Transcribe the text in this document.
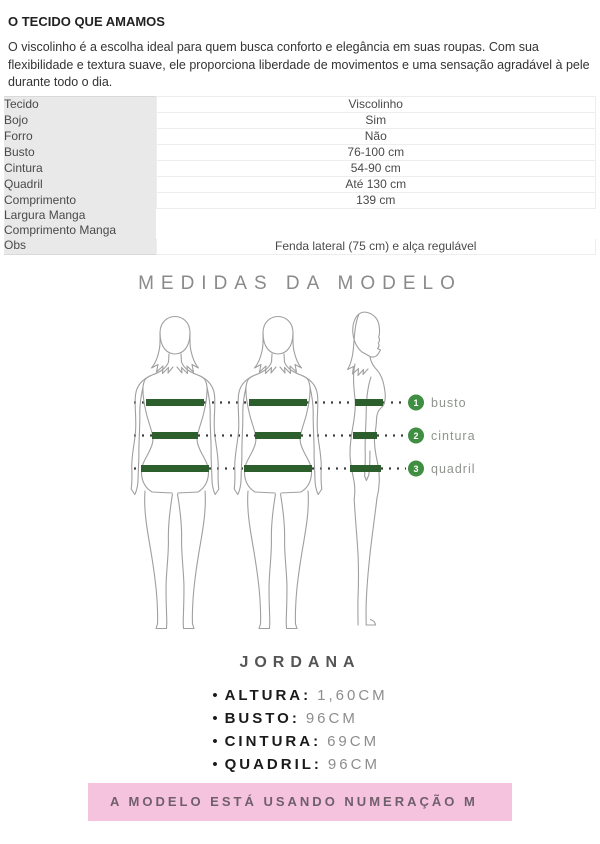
O TECIDO QUE AMAMOS

O viscolinho é a escolha ideal para quem busca conforto e elegância em suas roupas. Com sua flexibilidade e textura suave, ele proporciona liberdade de movimentos e uma sensação agradável à pele durante todo o dia.

Tecido	Viscolinho
Bojo	Sim
Forro	Não
Busto	76-100 cm
Cintura	54-90 cm
Quadril	Até 130 cm
Comprimento	139 cm
Largura Manga	
Comprimento Manga	
Obs	Fenda lateral (75 cm) e alça regulável
MEDIDAS DA MODELO
1 busto
2 cintura
3 quadril
JORDANA
• ALTURA: 1,60CM
• BUSTO: 96CM
• CINTURA: 69CM
• QUADRIL: 96CM
A MODELO ESTÁ USANDO NUMERAÇÃO M
